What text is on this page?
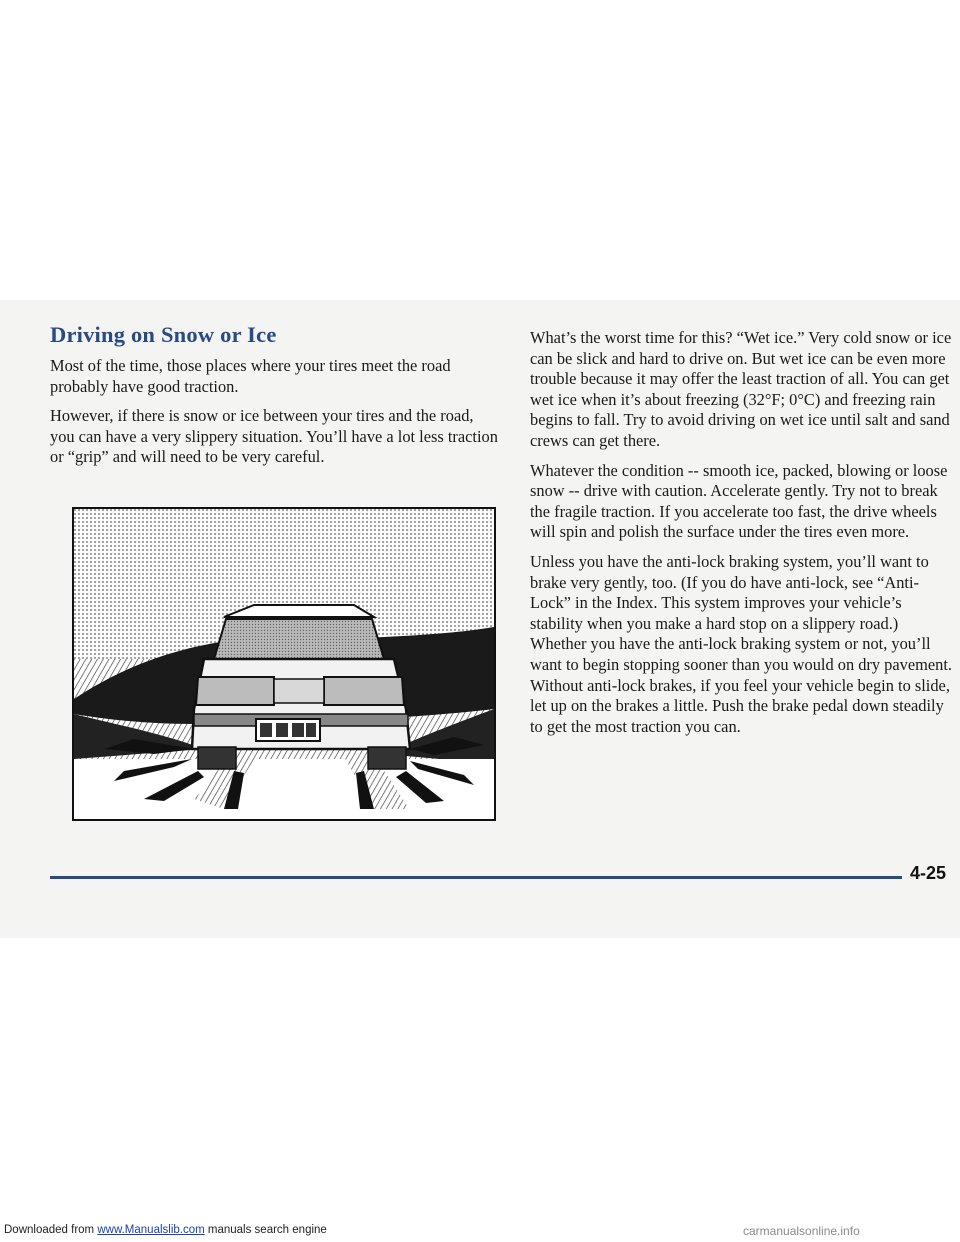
Driving on Snow or Ice

Most of the time, those places where your tires meet the road probably have good traction.

However, if there is snow or ice between your tires and the road, you can have a very slippery situation. You’ll have a lot less traction or “grip” and will need to be very careful.

What’s the worst time for this? “Wet ice.” Very cold snow or ice can be slick and hard to drive on. But wet ice can be even more trouble because it may offer the least traction of all. You can get wet ice when it’s about freezing (32°F; 0°C) and freezing rain begins to fall. Try to avoid driving on wet ice until salt and sand crews can get there.

Whatever the condition -- smooth ice, packed, blowing or loose snow -- drive with caution. Accelerate gently. Try not to break the fragile traction. If you accelerate too fast, the drive wheels will spin and polish the surface under the tires even more.

Unless you have the anti-lock braking system, you’ll want to brake very gently, too. (If you do have anti-lock, see “Anti-Lock” in the Index. This system improves your vehicle’s stability when you make a hard stop on a slippery road.) Whether you have the anti-lock braking system or not, you’ll want to begin stopping sooner than you would on dry pavement. Without anti-lock brakes, if you feel your vehicle begin to slide, let up on the brakes a little. Push the brake pedal down steadily to get the most traction you can.

4-25
Downloaded from www.Manualslib.com manuals search engine	carmanualsonline.info
